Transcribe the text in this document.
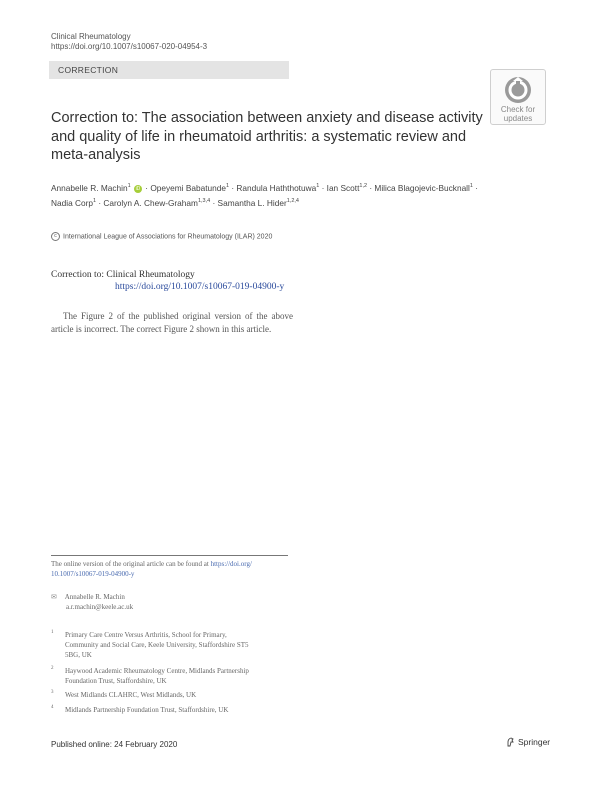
Clinical Rheumatology
https://doi.org/10.1007/s10067-020-04954-3
CORRECTION
Check for
updates
Correction to: The association between anxiety and disease activity and quality of life in rheumatoid arthritis: a systematic review and meta-analysis
Annabelle R. Machin$^1$ iD · Opeyemi Babatunde$^1$ · Randula Haththotuwa$^1$ · Ian Scott$^{1,2}$ · Milica Blagojevic-Bucknall$^1$ ·
Nadia Corp$^1$ · Carolyn A. Chew-Graham$^{1,3,4}$ · Samantha L. Hider$^{1,2,4}$
c International League of Associations for Rheumatology (ILAR) 2020
Correction to: Clinical Rheumatology
https://doi.org/10.1007/s10067-019-04900-y

The Figure 2 of the published original version of the above article is incorrect. The correct Figure 2 shown in this article.

The online version of the original article can be found at https://doi.org/
10.1007/s10067-019-04900-y
✉ Annabelle R. Machin
a.r.machin@keele.ac.uk
1	Primary Care Centre Versus Arthritis, School for Primary,
Community and Social Care, Keele University, Staffordshire ST5
5BG, UK
2	Haywood Academic Rheumatology Centre, Midlands Partnership
Foundation Trust, Staffordshire, UK
3	West Midlands CLAHRC, West Midlands, UK
4	Midlands Partnership Foundation Trust, Staffordshire, UK
Published online: 24 February 2020	Springer
